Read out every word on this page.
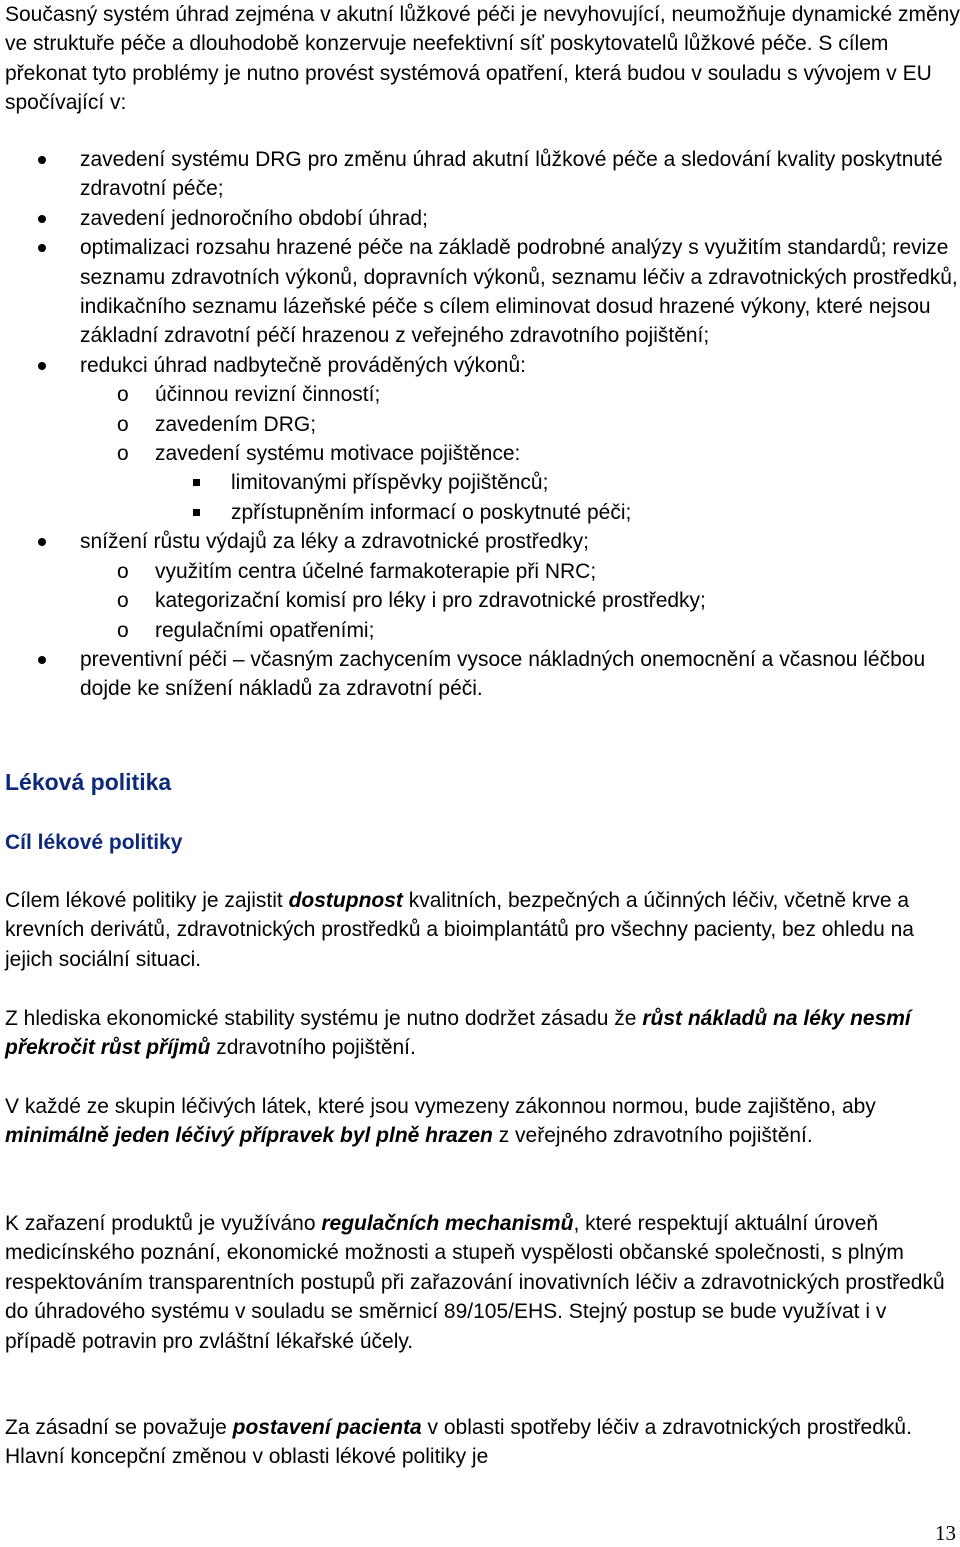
Současný systém úhrad zejména v akutní lůžkové péči je nevyhovující, neumožňuje dynamické změny ve struktuře péče a dlouhodobě konzervuje neefektivní síť poskytovatelů lůžkové péče. S cílem překonat tyto problémy je nutno provést systémová opatření, která budou v souladu s vývojem v EU spočívající v:

zavedení systému DRG pro změnu úhrad akutní lůžkové péče a sledování kvality poskytnuté zdravotní péče;

zavedení jednoročního období úhrad;

optimalizaci rozsahu hrazené péče na základě podrobné analýzy s využitím standardů; revize seznamu zdravotních výkonů, dopravních výkonů, seznamu léčiv a zdravotnických prostředků, indikačního seznamu lázeňské péče s cílem eliminovat dosud hrazené výkony, které nejsou základní zdravotní péčí hrazenou z veřejného zdravotního pojištění;

redukci úhrad nadbytečně prováděných výkonů:

o účinnou revizní činností;

o zavedením DRG;

o zavedení systému motivace pojištěnce:

limitovanými příspěvky pojištěnců;

zpřístupněním informací o poskytnuté péči;

snížení růstu výdajů za léky a zdravotnické prostředky;

o využitím centra účelné farmakoterapie při NRC;

o kategorizační komisí pro léky i pro zdravotnické prostředky;

o regulačními opatřeními;

preventivní péči – včasným zachycením vysoce nákladných onemocnění a včasnou léčbou dojde ke snížení nákladů za zdravotní péči.

Léková politika
Cíl lékové politiky

Cílem lékové politiky je zajistit dostupnost kvalitních, bezpečných a účinných léčiv, včetně krve a krevních derivátů, zdravotnických prostředků a bioimplantátů pro všechny pacienty, bez ohledu na jejich sociální situaci.

Z hlediska ekonomické stability systému je nutno dodržet zásadu že růst nákladů na léky nesmí překročit růst příjmů zdravotního pojištění.

V každé ze skupin léčivých látek, které jsou vymezeny zákonnou normou, bude zajištěno, aby minimálně jeden léčivý přípravek byl plně hrazen z veřejného zdravotního pojištění.

K zařazení produktů je využíváno regulačních mechanismů, které respektují aktuální úroveň medicínského poznání, ekonomické možnosti a stupeň vyspělosti občanské společnosti, s plným respektováním transparentních postupů při zařazování inovativních léčiv a zdravotnických prostředků do úhradového systému v souladu se směrnicí 89/105/EHS. Stejný postup se bude využívat i v případě potravin pro zvláštní lékařské účely.

Za zásadní se považuje postavení pacienta v oblasti spotřeby léčiv a zdravotnických prostředků. Hlavní koncepční změnou v oblasti lékové politiky je

13
